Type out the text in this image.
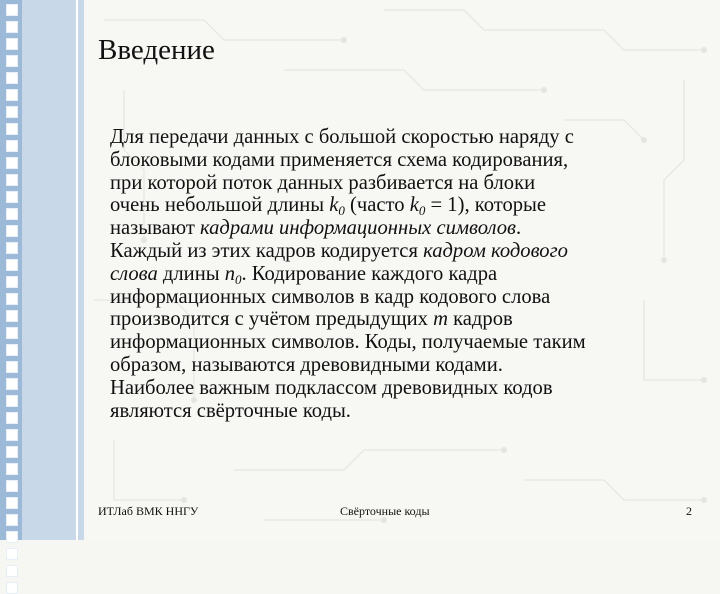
Введение
Для передачи данных с большой скоростью наряду с
блоковыми кодами применяется схема кодирования,
при которой поток данных разбивается на блоки
очень небольшой длины $k_0$ (часто $k_0 = 1$), которые
называют кадрами информационных символов.
Каждый из этих кадров кодируется кадром кодового
слова длины $n_0$. Кодирование каждого кадра
информационных символов в кадр кодового слова
производится с учётом предыдущих m кадров
информационных символов. Коды, получаемые таким
образом, называются древовидными кодами.
Наиболее важным подклассом древовидных кодов
являются свёрточные коды.
ИТЛаб ВМК ННГУ	Свёрточные коды	2
